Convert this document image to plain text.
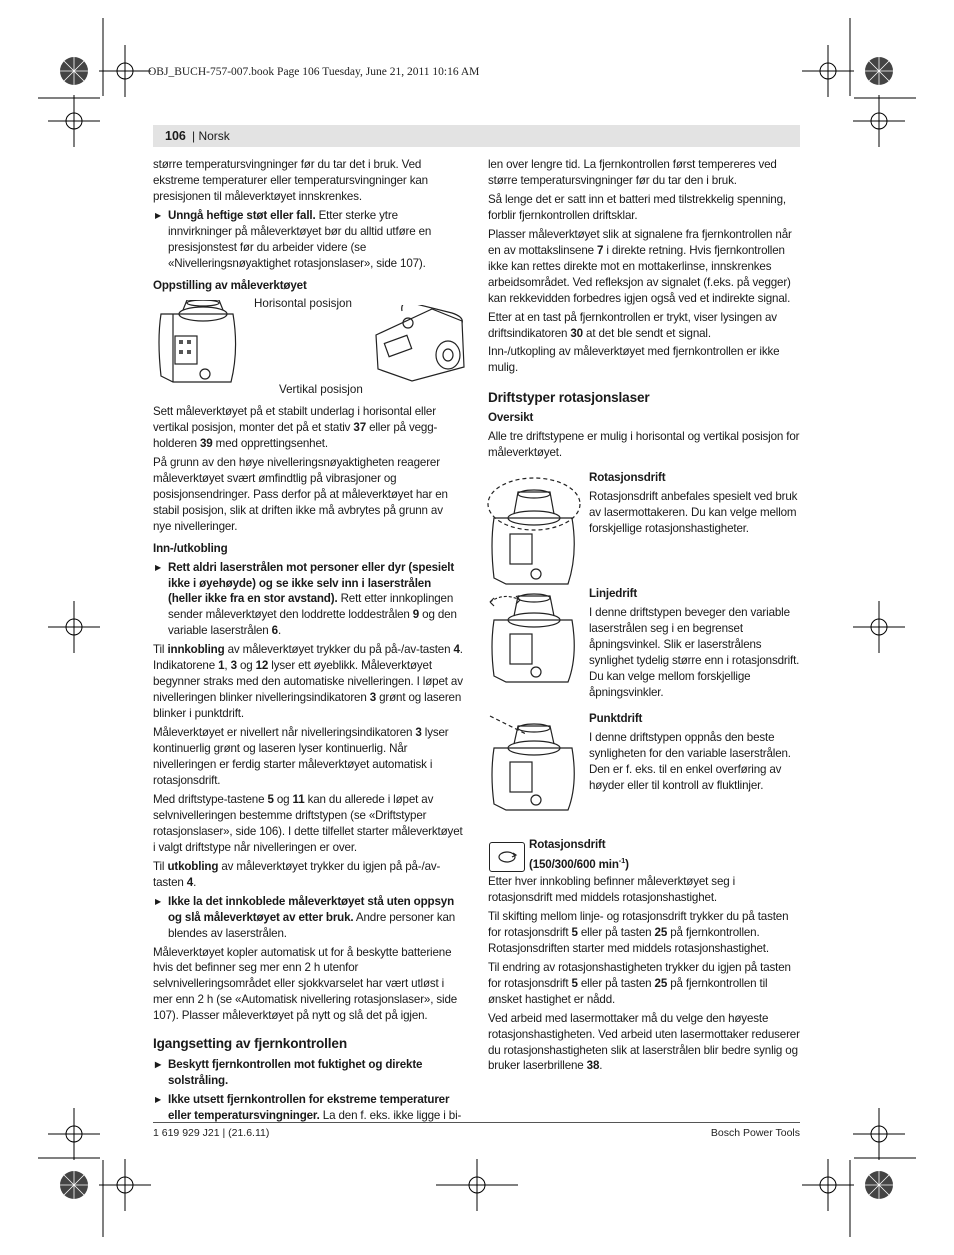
OBJ_BUCH-757-007.book Page 106 Tuesday, June 21, 2011 10:16 AM
106 | Norsk

større temperatursvingninger før du tar det i bruk. Ved ekstreme temperaturer eller temperatursvingninger kan presisjonen til måleverktøyet innskrenkes.

▶ Unngå heftige støt eller fall. Etter sterke ytre innvirkninger på måleverktøyet bør du alltid utføre en presisjonstest før du arbeider videre (se «Nivelleringsnøyaktighet rotasjonslaser», side 107).

Oppstilling av måleverktøyet

Horisontal posisjon
Vertikal posisjon

Sett måleverktøyet på et stabilt underlag i horisontal eller vertikal posisjon, monter det på et stativ 37 eller på veggholderen 39 med opprettingsenhet.

På grunn av den høye nivelleringsnøyaktigheten reagerer måleverktøyet svært ømfindtlig på vibrasjoner og posisjonsendringer. Pass derfor på at måleverktøyet har en stabil posisjon, slik at driften ikke må avbrytes på grunn av nye nivelleringer.

Inn-/utkobling

▶ Rett aldri laserstrålen mot personer eller dyr (spesielt ikke i øyehøyde) og se ikke selv inn i laserstrålen (heller ikke fra en stor avstand). Rett etter innkoplingen sender måleverktøyet den loddrette loddestrålen 9 og den variable laserstrålen 6.

Til innkobling av måleverktøyet trykker du på på-/av-tasten 4. Indikatorene 1, 3 og 12 lyser ett øyeblikk. Måleverktøyet begynner straks med den automatiske nivelleringen. I løpet av nivelleringen blinker nivelleringsindikatoren 3 grønt og laseren blinker i punktdrift.

Måleverktøyet er nivellert når nivelleringsindikatoren 3 lyser kontinuerlig grønt og laseren lyser kontinuerlig. Når nivelleringen er ferdig starter måleverktøyet automatisk i rotasjonsdrift.

Med driftstype-tastene 5 og 11 kan du allerede i løpet av selvnivelleringen bestemme driftstypen (se «Driftstyper rotasjonslaser», side 106). I dette tilfellet starter måleverktøyet i valgt driftstype når nivelleringen er over.

Til utkobling av måleverktøyet trykker du igjen på på-/av-tasten 4.

▶ Ikke la det innkoblede måleverktøyet stå uten oppsyn og slå måleverktøyet av etter bruk. Andre personer kan blendes av laserstrålen.

Måleverktøyet kopler automatisk ut for å beskytte batteriene hvis det befinner seg mer enn 2 h utenfor selvnivelleringsområdet eller sjokkvarselet har vært utløst i mer enn 2 h (se «Automatisk nivellering rotasjonslaser», side 107). Plasser måleverktøyet på nytt og slå det på igjen.

Igangsetting av fjernkontrollen

▶ Beskytt fjernkontrollen mot fuktighet og direkte solstråling.

▶ Ikke utsett fjernkontrollen for ekstreme temperaturer eller temperatursvingninger. La den f. eks. ikke ligge i bi-

len over lengre tid. La fjernkontrollen først tempereres ved større temperatursvingninger før du tar den i bruk.

Så lenge det er satt inn et batteri med tilstrekkelig spenning, forblir fjernkontrollen driftsklar.

Plasser måleverktøyet slik at signalene fra fjernkontrollen når en av mottakslinsene 7 i direkte retning. Hvis fjernkontrollen ikke kan rettes direkte mot en mottakerlinse, innskrenkes arbeidsområdet. Ved refleksjon av signalet (f.eks. på vegger) kan rekkevidden forbedres igjen også ved et indirekte signal.

Etter at en tast på fjernkontrollen er trykt, viser lysingen av driftsindikatoren 30 at det ble sendt et signal.

Inn-/utkopling av måleverktøyet med fjernkontrollen er ikke mulig.

Driftstyper rotasjonslaser

Oversikt

Alle tre driftstypene er mulig i horisontal og vertikal posisjon for måleverktøyet.

Rotasjonsdrift

Rotasjonsdrift anbefales spesielt ved bruk av lasermottakeren. Du kan velge mellom forskjellige rotasjonshastigheter.

Linjedrift

I denne driftstypen beveger den variable laserstrålen seg i en begrenset åpningsvinkel. Slik er laserstrålens synlighet tydelig større enn i rotasjonsdrift. Du kan velge mellom forskjellige åpningsvinkler.

Punktdrift

I denne driftstypen oppnås den beste synligheten for den variable laserstrålen. Den er f. eks. til en enkel overføring av høyder eller til kontroll av fluktlinjer.

Rotasjonsdrift
(150/300/600 $\min^{-1}$)

Etter hver innkobling befinner måleverktøyet seg i rotasjonsdrift med middels rotasjonshastighet.

Til skifting mellom linje- og rotasjonsdrift trykker du på tasten for rotasjonsdrift 5 eller på tasten 25 på fjernkontrollen. Rotasjonsdriften starter med middels rotasjonshastighet.

Til endring av rotasjonshastigheten trykker du igjen på tasten for rotasjonsdrift 5 eller på tasten 25 på fjernkontrollen til ønsket hastighet er nådd.

Ved arbeid med lasermottaker må du velge den høyeste rotasjonshastigheten. Ved arbeid uten lasermottaker reduserer du rotasjonshastigheten slik at laserstrålen blir bedre synlig og bruker laserbrillene 38.

1 619 929 J21 | (21.6.11)	Bosch Power Tools
